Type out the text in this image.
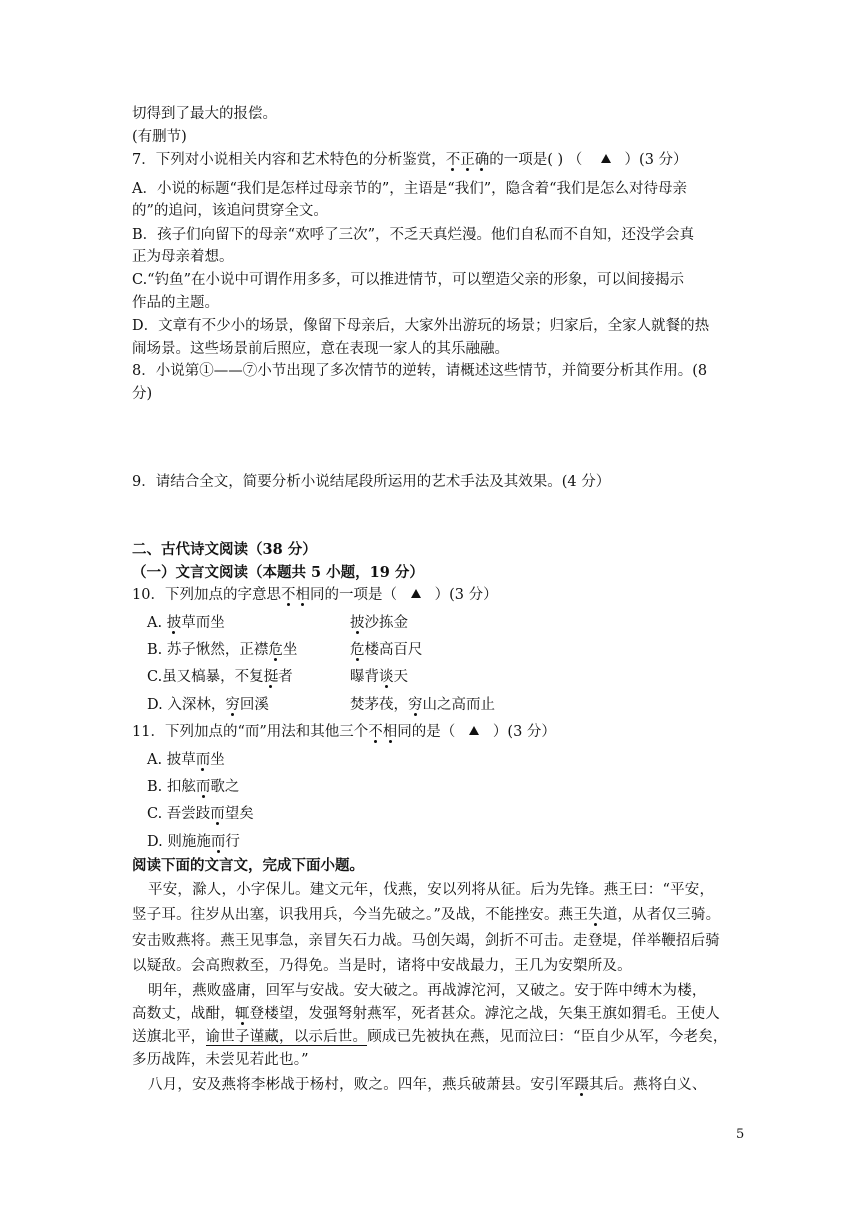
切得到了最大的报偿。
(有删节)
7．下列对小说相关内容和艺术特色的分析鉴赏，不正确的一项是( ) （       ）(3 分）
A．小说的标题“我们是怎样过母亲节的”，主语是“我们”，隐含着“我们是怎么对待母亲
的”的追问，该追问贯穿全文。
B．孩子们向留下的母亲“欢呼了三次”，不乏天真烂漫。他们自私而不自知，还没学会真
正为母亲着想。
C.“钓鱼”在小说中可谓作用多多，可以推进情节，可以塑造父亲的形象，可以间接揭示
作品的主题。
D．文章有不少小的场景，像留下母亲后，大家外出游玩的场景；归家后，全家人就餐的热
闹场景。这些场景前后照应，意在表现一家人的其乐融融。
8．小说第①——⑦小节出现了多次情节的逆转，请概述这些情节，并简要分析其作用。(8
分)
9．请结合全文，简要分析小说结尾段所运用的艺术手法及其效果。(4 分）
二、古代诗文阅读（38 分）
（一）文言文阅读（本题共 5 小题，19 分）
10．下列加点的字意思不相同的一项是（      ）(3 分）
A. 披草而坐	披沙拣金
B. 苏子愀然，正襟危坐	危楼高百尺
C.虽又槁暴，不复挺者	曝背谈天
D. 入深林，穷回溪	焚茅茷，穷山之高而止
11．下列加点的“而”用法和其他三个不相同的是（      ）(3 分）
A. 披草而坐
B. 扣舷而歌之
C. 吾尝跂而望矣
D. 则施施而行
阅读下面的文言文，完成下面小题。
平安，滁人，小字保儿。建文元年，伐燕，安以列将从征。后为先锋。燕王曰：“平安，
竖子耳。往岁从出塞，识我用兵，今当先破之。”及战，不能挫安。燕王失道，从者仅三骑。
安击败燕将。燕王见事急，亲冒矢石力战。马创矢竭，剑折不可击。走登堤，佯举鞭招后骑
以疑敌。会高煦救至，乃得免。当是时，诸将中安战最力，王几为安槊所及。
明年，燕败盛庸，回军与安战。安大破之。再战滹沱河，又破之。安于阵中缚木为楼，
高数丈，战酣，辄登楼望，发强弩射燕军，死者甚众。滹沱之战，矢集王旗如猬毛。王使人
送旗北平，谕世子谨藏，以示后世。顾成已先被执在燕，见而泣曰：“臣自少从军，今老矣，
多历战阵，未尝见若此也。”
八月，安及燕将李彬战于杨村，败之。四年，燕兵破萧县。安引军蹑其后。燕将白义、
5
